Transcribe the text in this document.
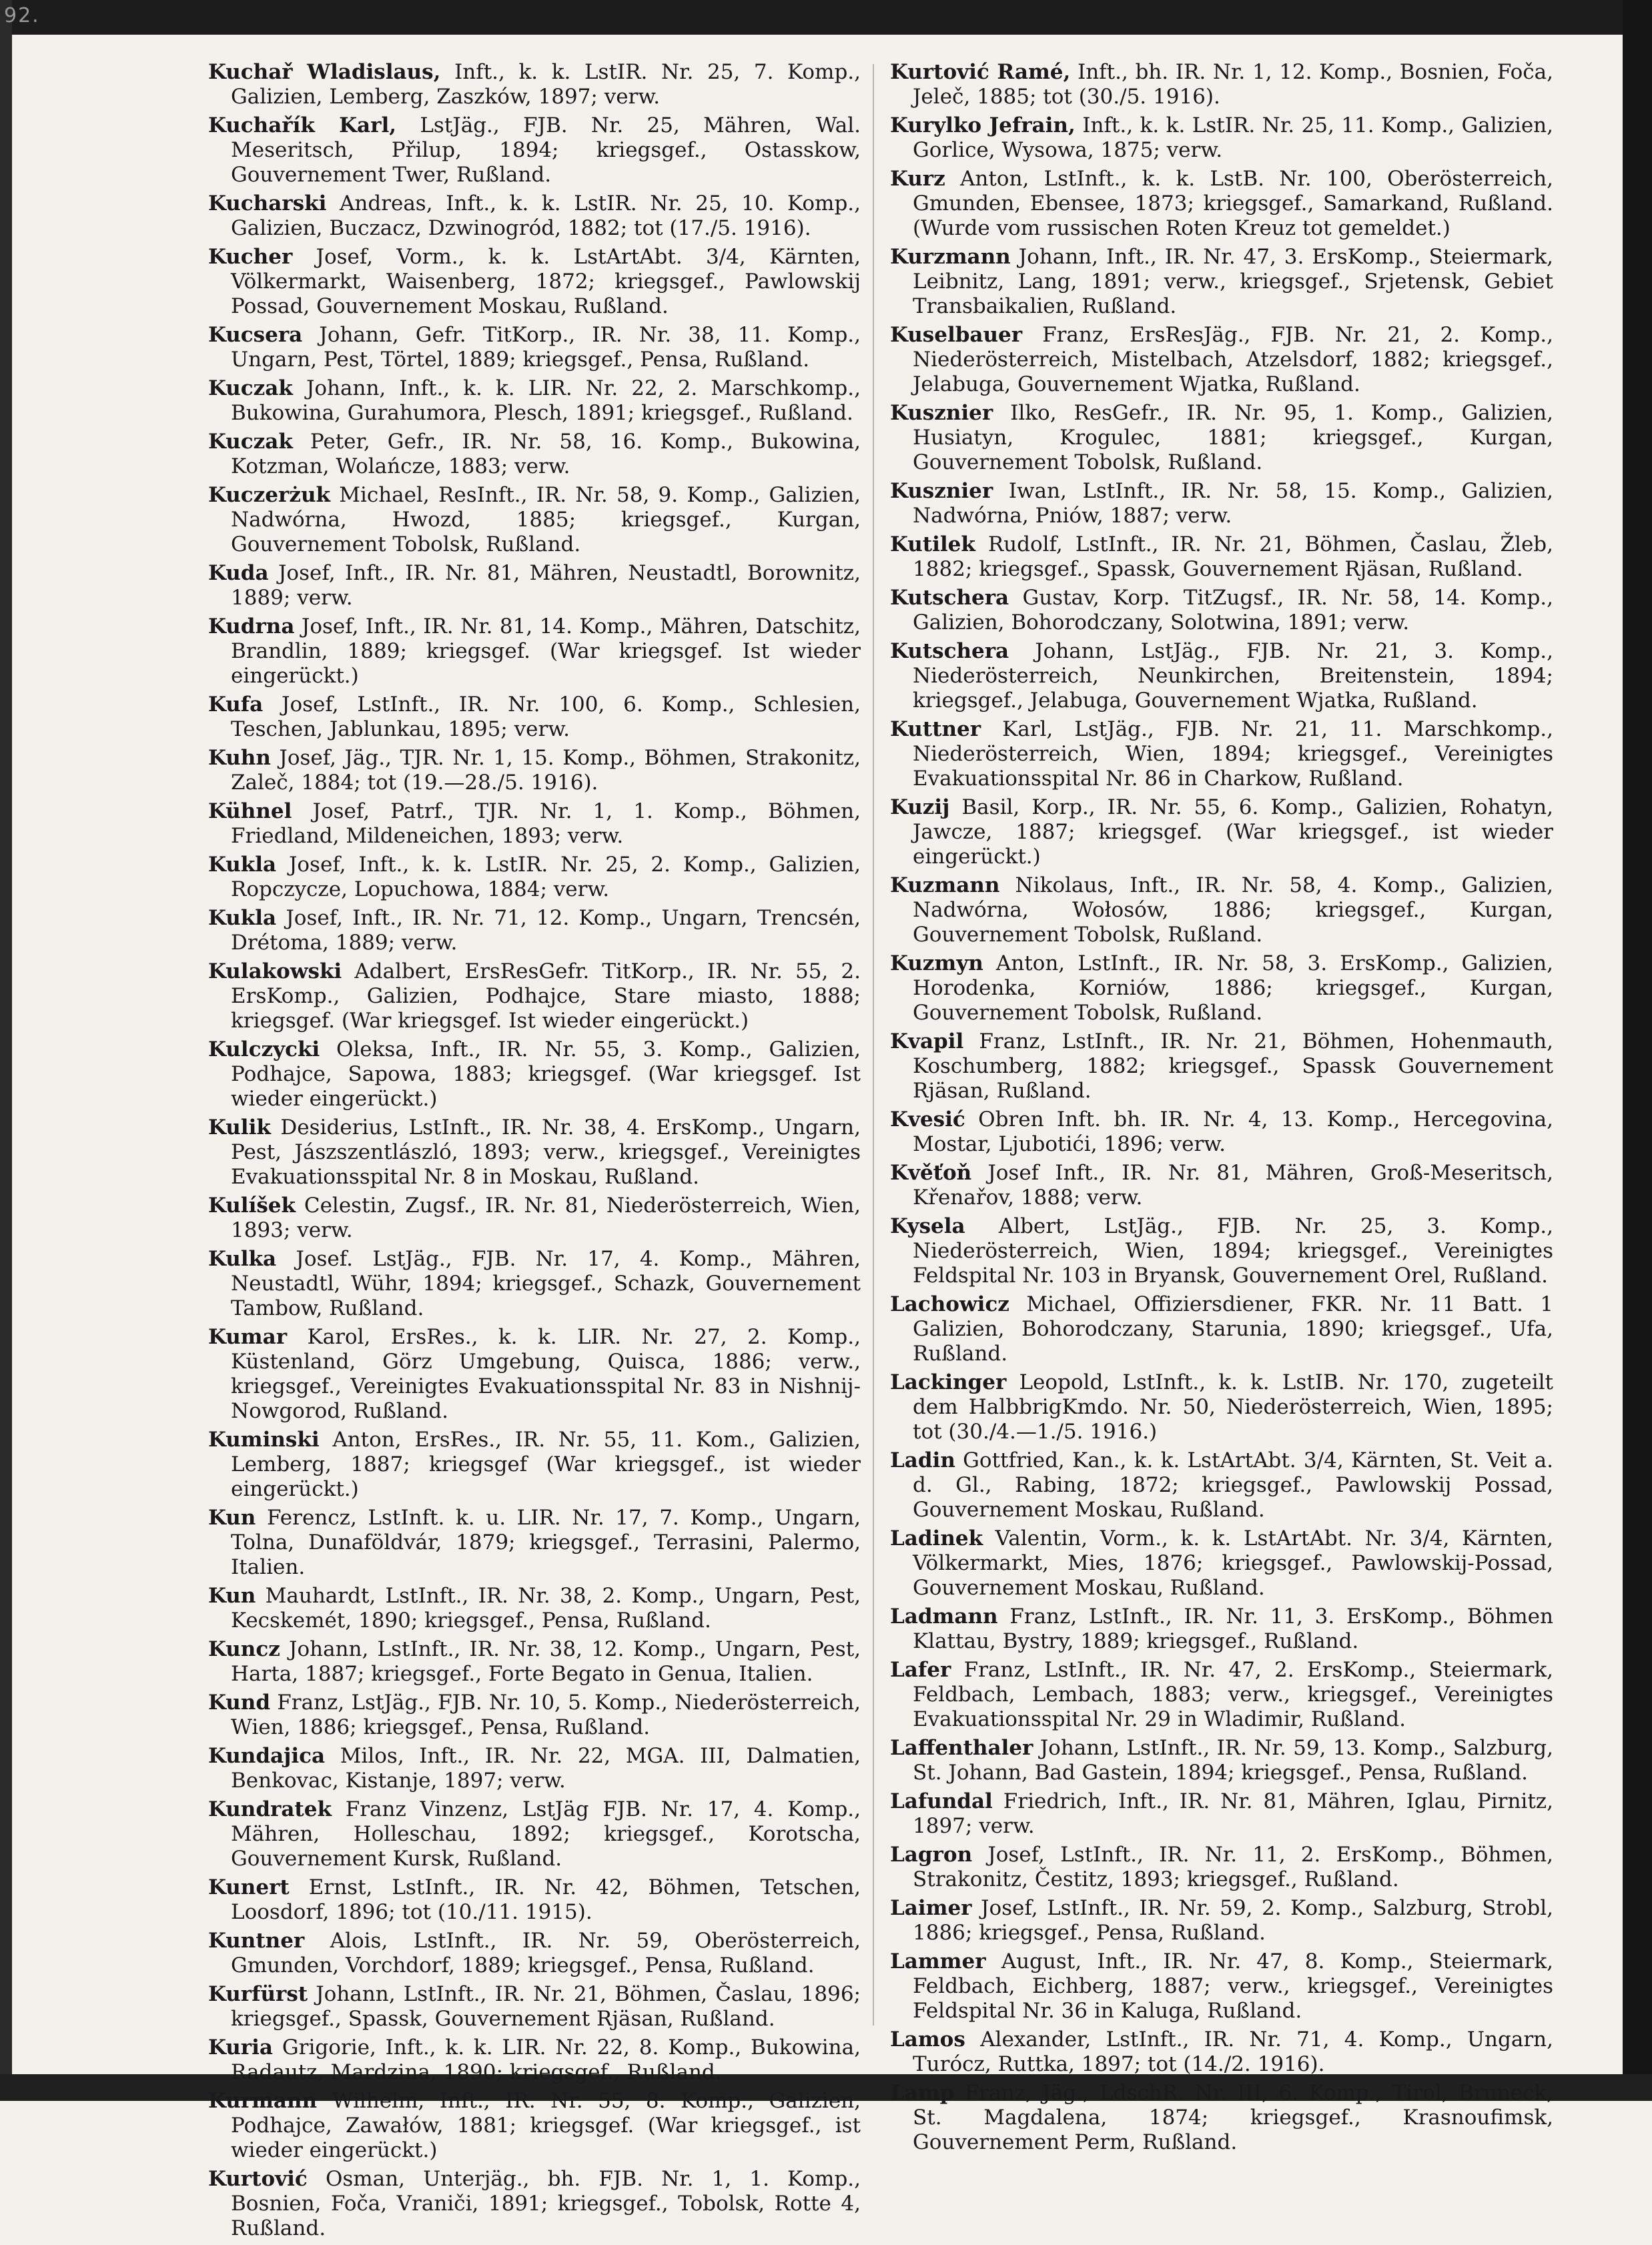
92.

Kuchař Wladislaus, Inft., k. k. LstIR. Nr. 25, 7. Komp., Galizien, Lemberg, Zaszków, 1897; verw.

Kuchařík Karl, LstJäg., FJB. Nr. 25, Mähren, Wal. Meseritsch, Přilup, 1894; kriegsgef., Ostasskow, Gouvernement Twer, Rußland.

Kucharski Andreas, Inft., k. k. LstIR. Nr. 25, 10. Komp., Galizien, Buczacz, Dzwinogród, 1882; tot (17./5. 1916).

Kucher Josef, Vorm., k. k. LstArtAbt. 3/4, Kärnten, Völkermarkt, Waisenberg, 1872; kriegsgef., Pawlowskij Possad, Gouvernement Moskau, Rußland.

Kucsera Johann, Gefr. TitKorp., IR. Nr. 38, 11. Komp., Ungarn, Pest, Törtel, 1889; kriegsgef., Pensa, Rußland.

Kuczak Johann, Inft., k. k. LIR. Nr. 22, 2. Marschkomp., Bukowina, Gurahumora, Plesch, 1891; kriegsgef., Rußland.

Kuczak Peter, Gefr., IR. Nr. 58, 16. Komp., Bukowina, Kotzman, Wolańcze, 1883; verw.

Kuczerżuk Michael, ResInft., IR. Nr. 58, 9. Komp., Galizien, Nadwórna, Hwozd, 1885; kriegsgef., Kurgan, Gouvernement Tobolsk, Rußland.

Kuda Josef, Inft., IR. Nr. 81, Mähren, Neustadtl, Borownitz, 1889; verw.

Kudrna Josef, Inft., IR. Nr. 81, 14. Komp., Mähren, Datschitz, Brandlin, 1889; kriegsgef. (War kriegsgef. Ist wieder eingerückt.)

Kufa Josef, LstInft., IR. Nr. 100, 6. Komp., Schlesien, Teschen, Jablunkau, 1895; verw.

Kuhn Josef, Jäg., TJR. Nr. 1, 15. Komp., Böhmen, Strakonitz, Zaleč, 1884; tot (19.—28./5. 1916).

Kühnel Josef, Patrf., TJR. Nr. 1, 1. Komp., Böhmen, Friedland, Mildeneichen, 1893; verw.

Kukla Josef, Inft., k. k. LstIR. Nr. 25, 2. Komp., Galizien, Ropczycze, Lopuchowa, 1884; verw.

Kukla Josef, Inft., IR. Nr. 71, 12. Komp., Ungarn, Trencsén, Drétoma, 1889; verw.

Kulakowski Adalbert, ErsResGefr. TitKorp., IR. Nr. 55, 2. ErsKomp., Galizien, Podhajce, Stare miasto, 1888; kriegsgef. (War kriegsgef. Ist wieder eingerückt.)

Kulczycki Oleksa, Inft., IR. Nr. 55, 3. Komp., Galizien, Podhajce, Sapowa, 1883; kriegsgef. (War kriegsgef. Ist wieder eingerückt.)

Kulik Desiderius, LstInft., IR. Nr. 38, 4. ErsKomp., Ungarn, Pest, Jászszentlászló, 1893; verw., kriegsgef., Vereinigtes Evakuationsspital Nr. 8 in Moskau, Rußland.

Kulíšek Celestin, Zugsf., IR. Nr. 81, Niederösterreich, Wien, 1893; verw.

Kulka Josef. LstJäg., FJB. Nr. 17, 4. Komp., Mähren, Neustadtl, Wühr, 1894; kriegsgef., Schazk, Gouvernement Tambow, Rußland.

Kumar Karol, ErsRes., k. k. LIR. Nr. 27, 2. Komp., Küstenland, Görz Umgebung, Quisca, 1886; verw., kriegsgef., Vereinigtes Evakuationsspital Nr. 83 in Nishnij-Nowgorod, Rußland.

Kuminski Anton, ErsRes., IR. Nr. 55, 11. Kom., Galizien, Lemberg, 1887; kriegsgef (War kriegsgef., ist wieder eingerückt.)

Kun Ferencz, LstInft. k. u. LIR. Nr. 17, 7. Komp., Ungarn, Tolna, Dunaföldvár, 1879; kriegsgef., Terrasini, Palermo, Italien.

Kun Mauhardt, LstInft., IR. Nr. 38, 2. Komp., Ungarn, Pest, Kecskemét, 1890; kriegsgef., Pensa, Rußland.

Kuncz Johann, LstInft., IR. Nr. 38, 12. Komp., Ungarn, Pest, Harta, 1887; kriegsgef., Forte Begato in Genua, Italien.

Kund Franz, LstJäg., FJB. Nr. 10, 5. Komp., Niederösterreich, Wien, 1886; kriegsgef., Pensa, Rußland.

Kundajica Milos, Inft., IR. Nr. 22, MGA. III, Dalmatien, Benkovac, Kistanje, 1897; verw.

Kundratek Franz Vinzenz, LstJäg FJB. Nr. 17, 4. Komp., Mähren, Holleschau, 1892; kriegsgef., Korotscha, Gouvernement Kursk, Rußland.

Kunert Ernst, LstInft., IR. Nr. 42, Böhmen, Tetschen, Loosdorf, 1896; tot (10./11. 1915).

Kuntner Alois, LstInft., IR. Nr. 59, Oberösterreich, Gmunden, Vorchdorf, 1889; kriegsgef., Pensa, Rußland.

Kurfürst Johann, LstInft., IR. Nr. 21, Böhmen, Časlau, 1896; kriegsgef., Spassk, Gouvernement Rjäsan, Rußland.

Kuria Grigorie, Inft., k. k. LIR. Nr. 22, 8. Komp., Bukowina, Radautz, Mardzina, 1890; kriegsgef., Rußland.

Kurmann Wilhelm, Inft., IR. Nr. 55, 8. Komp., Galizien, Podhajce, Zawałów, 1881; kriegsgef. (War kriegsgef., ist wieder eingerückt.)

Kurtović Osman, Unterjäg., bh. FJB. Nr. 1, 1. Komp., Bosnien, Foča, Vraniči, 1891; kriegsgef., Tobolsk, Rotte 4, Rußland.

Kurtović Ramé, Inft., bh. IR. Nr. 1, 12. Komp., Bosnien, Foča, Jeleč, 1885; tot (30./5. 1916).

Kurylko Jefrain, Inft., k. k. LstIR. Nr. 25, 11. Komp., Galizien, Gorlice, Wysowa, 1875; verw.

Kurz Anton, LstInft., k. k. LstB. Nr. 100, Oberösterreich, Gmunden, Ebensee, 1873; kriegsgef., Samarkand, Rußland. (Wurde vom russischen Roten Kreuz tot gemeldet.)

Kurzmann Johann, Inft., IR. Nr. 47, 3. ErsKomp., Steiermark, Leibnitz, Lang, 1891; verw., kriegsgef., Srjetensk, Gebiet Transbaikalien, Rußland.

Kuselbauer Franz, ErsResJäg., FJB. Nr. 21, 2. Komp., Niederösterreich, Mistelbach, Atzelsdorf, 1882; kriegsgef., Jelabuga, Gouvernement Wjatka, Rußland.

Kusznier Ilko, ResGefr., IR. Nr. 95, 1. Komp., Galizien, Husiatyn, Krogulec, 1881; kriegsgef., Kurgan, Gouvernement Tobolsk, Rußland.

Kusznier Iwan, LstInft., IR. Nr. 58, 15. Komp., Galizien, Nadwórna, Pniów, 1887; verw.

Kutilek Rudolf, LstInft., IR. Nr. 21, Böhmen, Časlau, Žleb, 1882; kriegsgef., Spassk, Gouvernement Rjäsan, Rußland.

Kutschera Gustav, Korp. TitZugsf., IR. Nr. 58, 14. Komp., Galizien, Bohorodczany, Solotwina, 1891; verw.

Kutschera Johann, LstJäg., FJB. Nr. 21, 3. Komp., Niederösterreich, Neunkirchen, Breitenstein, 1894; kriegsgef., Jelabuga, Gouvernement Wjatka, Rußland.

Kuttner Karl, LstJäg., FJB. Nr. 21, 11. Marschkomp., Niederösterreich, Wien, 1894; kriegsgef., Vereinigtes Evakuationsspital Nr. 86 in Charkow, Rußland.

Kuzij Basil, Korp., IR. Nr. 55, 6. Komp., Galizien, Rohatyn, Jawcze, 1887; kriegsgef. (War kriegsgef., ist wieder eingerückt.)

Kuzmann Nikolaus, Inft., IR. Nr. 58, 4. Komp., Galizien, Nadwórna, Wołosów, 1886; kriegsgef., Kurgan, Gouvernement Tobolsk, Rußland.

Kuzmyn Anton, LstInft., IR. Nr. 58, 3. ErsKomp., Galizien, Horodenka, Korniów, 1886; kriegsgef., Kurgan, Gouvernement Tobolsk, Rußland.

Kvapil Franz, LstInft., IR. Nr. 21, Böhmen, Hohenmauth, Koschumberg, 1882; kriegsgef., Spassk Gouvernement Rjäsan, Rußland.

Kvesić Obren Inft. bh. IR. Nr. 4, 13. Komp., Hercegovina, Mostar, Ljubotići, 1896; verw.

Kvěťoň Josef Inft., IR. Nr. 81, Mähren, Groß-Meseritsch, Křenařov, 1888; verw.

Kysela Albert, LstJäg., FJB. Nr. 25, 3. Komp., Niederösterreich, Wien, 1894; kriegsgef., Vereinigtes Feldspital Nr. 103 in Bryansk, Gouvernement Orel, Rußland.

Lachowicz Michael, Offiziersdiener, FKR. Nr. 11 Batt. 1 Galizien, Bohorodczany, Starunia, 1890; kriegsgef., Ufa, Rußland.

Lackinger Leopold, LstInft., k. k. LstIB. Nr. 170, zugeteilt dem HalbbrigKmdo. Nr. 50, Niederösterreich, Wien, 1895; tot (30./4.—1./5. 1916.)

Ladin Gottfried, Kan., k. k. LstArtAbt. 3/4, Kärnten, St. Veit a. d. Gl., Rabing, 1872; kriegsgef., Pawlowskij Possad, Gouvernement Moskau, Rußland.

Ladinek Valentin, Vorm., k. k. LstArtAbt. Nr. 3/4, Kärnten, Völkermarkt, Mies, 1876; kriegsgef., Pawlowskij-Possad, Gouvernement Moskau, Rußland.

Ladmann Franz, LstInft., IR. Nr. 11, 3. ErsKomp., Böhmen Klattau, Bystry, 1889; kriegsgef., Rußland.

Lafer Franz, LstInft., IR. Nr. 47, 2. ErsKomp., Steiermark, Feldbach, Lembach, 1883; verw., kriegsgef., Vereinigtes Evakuationsspital Nr. 29 in Wladimir, Rußland.

Laffenthaler Johann, LstInft., IR. Nr. 59, 13. Komp., Salzburg, St. Johann, Bad Gastein, 1894; kriegsgef., Pensa, Rußland.

Lafundal Friedrich, Inft., IR. Nr. 81, Mähren, Iglau, Pirnitz, 1897; verw.

Lagron Josef, LstInft., IR. Nr. 11, 2. ErsKomp., Böhmen, Strakonitz, Čestitz, 1893; kriegsgef., Rußland.

Laimer Josef, LstInft., IR. Nr. 59, 2. Komp., Salzburg, Strobl, 1886; kriegsgef., Pensa, Rußland.

Lammer August, Inft., IR. Nr. 47, 8. Komp., Steiermark, Feldbach, Eichberg, 1887; verw., kriegsgef., Vereinigtes Feldspital Nr. 36 in Kaluga, Rußland.

Lamos Alexander, LstInft., IR. Nr. 71, 4. Komp., Ungarn, Turócz, Ruttka, 1897; tot (14./2. 1916).

Lamp Franz, Jäg., LdschR. Nr. III, 6. Komp., Tirol, Bruneck, St. Magdalena, 1874; kriegsgef., Krasnoufimsk, Gouvernement Perm, Rußland.
